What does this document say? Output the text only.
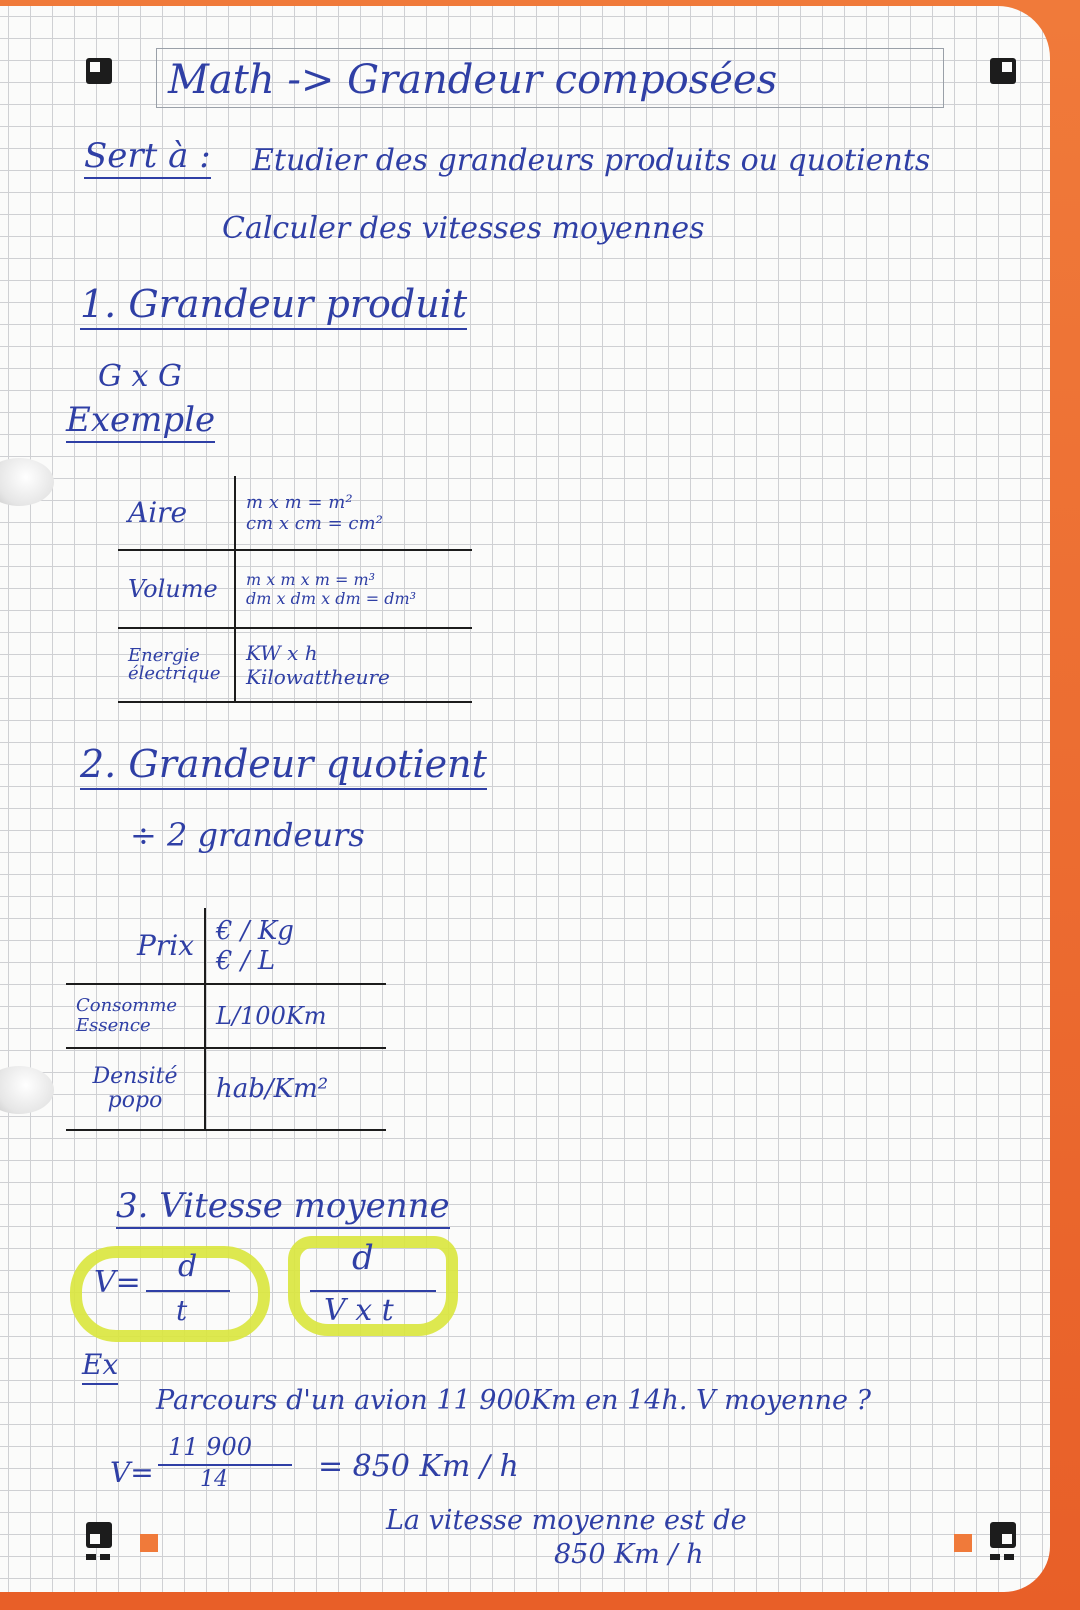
Math -> Grandeur composées
Sert à : Etudier des grandeurs produits ou quotients
Calculer des vitesses moyennes
1. Grandeur produit
G x G
Exemple
Aire	m x m = m²
cm x cm = cm²

Volume	m x m x m = m³
dm x dm x dm = dm³

Energie électrique	KW x h
Kilowattheure
2. Grandeur quotient
÷ 2 grandeurs
Prix	€ / Kg
€ / L

Consomme Essence	L/100Km

Densité popo	hab/Km²
3. Vitesse moyenne
V= d
t
d
V x t
Ex
Parcours d'un avion 11 900Km en 14h. V moyenne ?
V=
11 900
14	= 850 Km / h
La vitesse moyenne est de
850 Km / h
